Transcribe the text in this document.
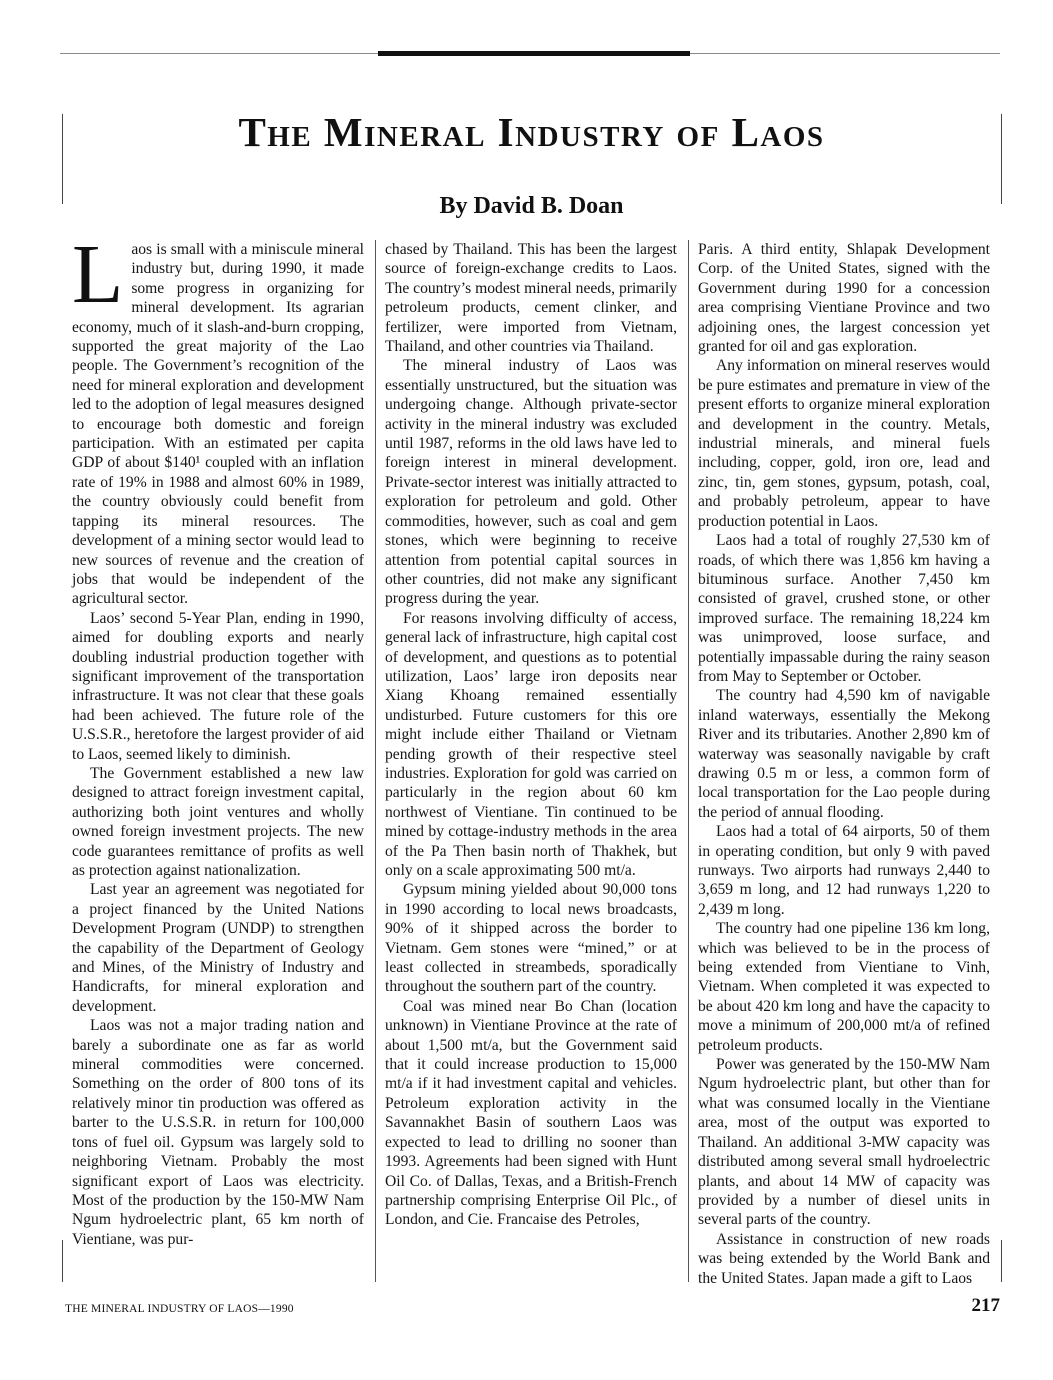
The Mineral Industry of Laos
By David B. Doan
L aos is small with a miniscule mineral industry but, during 1990, it made some progress in organizing for mineral development. Its agrarian economy, much of it slash-and-burn cropping, supported the great majority of the Lao people. The Government’s recognition of the need for mineral exploration and development led to the adoption of legal measures designed to encourage both domestic and foreign participation. With an estimated per capita GDP of about $140¹ coupled with an inflation rate of 19% in 1988 and almost 60% in 1989, the country obviously could benefit from tapping its mineral resources. The development of a mining sector would lead to new sources of revenue and the creation of jobs that would be independent of the agricultural sector.

Laos’ second 5-Year Plan, ending in 1990, aimed for doubling exports and nearly doubling industrial production together with significant improvement of the transportation infrastructure. It was not clear that these goals had been achieved. The future role of the U.S.S.R., heretofore the largest provider of aid to Laos, seemed likely to diminish.

The Government established a new law designed to attract foreign investment capital, authorizing both joint ventures and wholly owned foreign investment projects. The new code guarantees remittance of profits as well as protection against nationalization.

Last year an agreement was negotiated for a project financed by the United Nations Development Program (UNDP) to strengthen the capability of the Department of Geology and Mines, of the Ministry of Industry and Handicrafts, for mineral exploration and development.

Laos was not a major trading nation and barely a subordinate one as far as world mineral commodities were concerned. Something on the order of 800 tons of its relatively minor tin production was offered as barter to the U.S.S.R. in return for 100,000 tons of fuel oil. Gypsum was largely sold to neighboring Vietnam. Probably the most significant export of Laos was electricity. Most of the production by the 150-MW Nam Ngum hydroelectric plant, 65 km north of Vientiane, was pur-

chased by Thailand. This has been the largest source of foreign-exchange credits to Laos. The country’s modest mineral needs, primarily petroleum products, cement clinker, and fertilizer, were imported from Vietnam, Thailand, and other countries via Thailand.

The mineral industry of Laos was essentially unstructured, but the situation was undergoing change. Although private-sector activity in the mineral industry was excluded until 1987, reforms in the old laws have led to foreign interest in mineral development. Private-sector interest was initially attracted to exploration for petroleum and gold. Other commodities, however, such as coal and gem stones, which were beginning to receive attention from potential capital sources in other countries, did not make any significant progress during the year.

For reasons involving difficulty of access, general lack of infrastructure, high capital cost of development, and questions as to potential utilization, Laos’ large iron deposits near Xiang Khoang remained essentially undisturbed. Future customers for this ore might include either Thailand or Vietnam pending growth of their respective steel industries. Exploration for gold was carried on particularly in the region about 60 km northwest of Vientiane. Tin continued to be mined by cottage-industry methods in the area of the Pa Then basin north of Thakhek, but only on a scale approximating 500 mt/a.

Gypsum mining yielded about 90,000 tons in 1990 according to local news broadcasts, 90% of it shipped across the border to Vietnam. Gem stones were “mined,” or at least collected in streambeds, sporadically throughout the southern part of the country.

Coal was mined near Bo Chan (location unknown) in Vientiane Province at the rate of about 1,500 mt/a, but the Government said that it could increase production to 15,000 mt/a if it had investment capital and vehicles. Petroleum exploration activity in the Savannakhet Basin of southern Laos was expected to lead to drilling no sooner than 1993. Agreements had been signed with Hunt Oil Co. of Dallas, Texas, and a British-French partnership comprising Enterprise Oil Plc., of London, and Cie. Francaise des Petroles,

Paris. A third entity, Shlapak Development Corp. of the United States, signed with the Government during 1990 for a concession area comprising Vientiane Province and two adjoining ones, the largest concession yet granted for oil and gas exploration.

Any information on mineral reserves would be pure estimates and premature in view of the present efforts to organize mineral exploration and development in the country. Metals, industrial minerals, and mineral fuels including, copper, gold, iron ore, lead and zinc, tin, gem stones, gypsum, potash, coal, and probably petroleum, appear to have production potential in Laos.

Laos had a total of roughly 27,530 km of roads, of which there was 1,856 km having a bituminous surface. Another 7,450 km consisted of gravel, crushed stone, or other improved surface. The remaining 18,224 km was unimproved, loose surface, and potentially impassable during the rainy season from May to September or October.

The country had 4,590 km of navigable inland waterways, essentially the Mekong River and its tributaries. Another 2,890 km of waterway was seasonally navigable by craft drawing 0.5 m or less, a common form of local transportation for the Lao people during the period of annual flooding.

Laos had a total of 64 airports, 50 of them in operating condition, but only 9 with paved runways. Two airports had runways 2,440 to 3,659 m long, and 12 had runways 1,220 to 2,439 m long.

The country had one pipeline 136 km long, which was believed to be in the process of being extended from Vientiane to Vinh, Vietnam. When completed it was expected to be about 420 km long and have the capacity to move a minimum of 200,000 mt/a of refined petroleum products.

Power was generated by the 150-MW Nam Ngum hydroelectric plant, but other than for what was consumed locally in the Vientiane area, most of the output was exported to Thailand. An additional 3-MW capacity was distributed among several small hydroelectric plants, and about 14 MW of capacity was provided by a number of diesel units in several parts of the country.

Assistance in construction of new roads was being extended by the World Bank and the United States. Japan made a gift to Laos

THE MINERAL INDUSTRY OF LAOS—1990	217
